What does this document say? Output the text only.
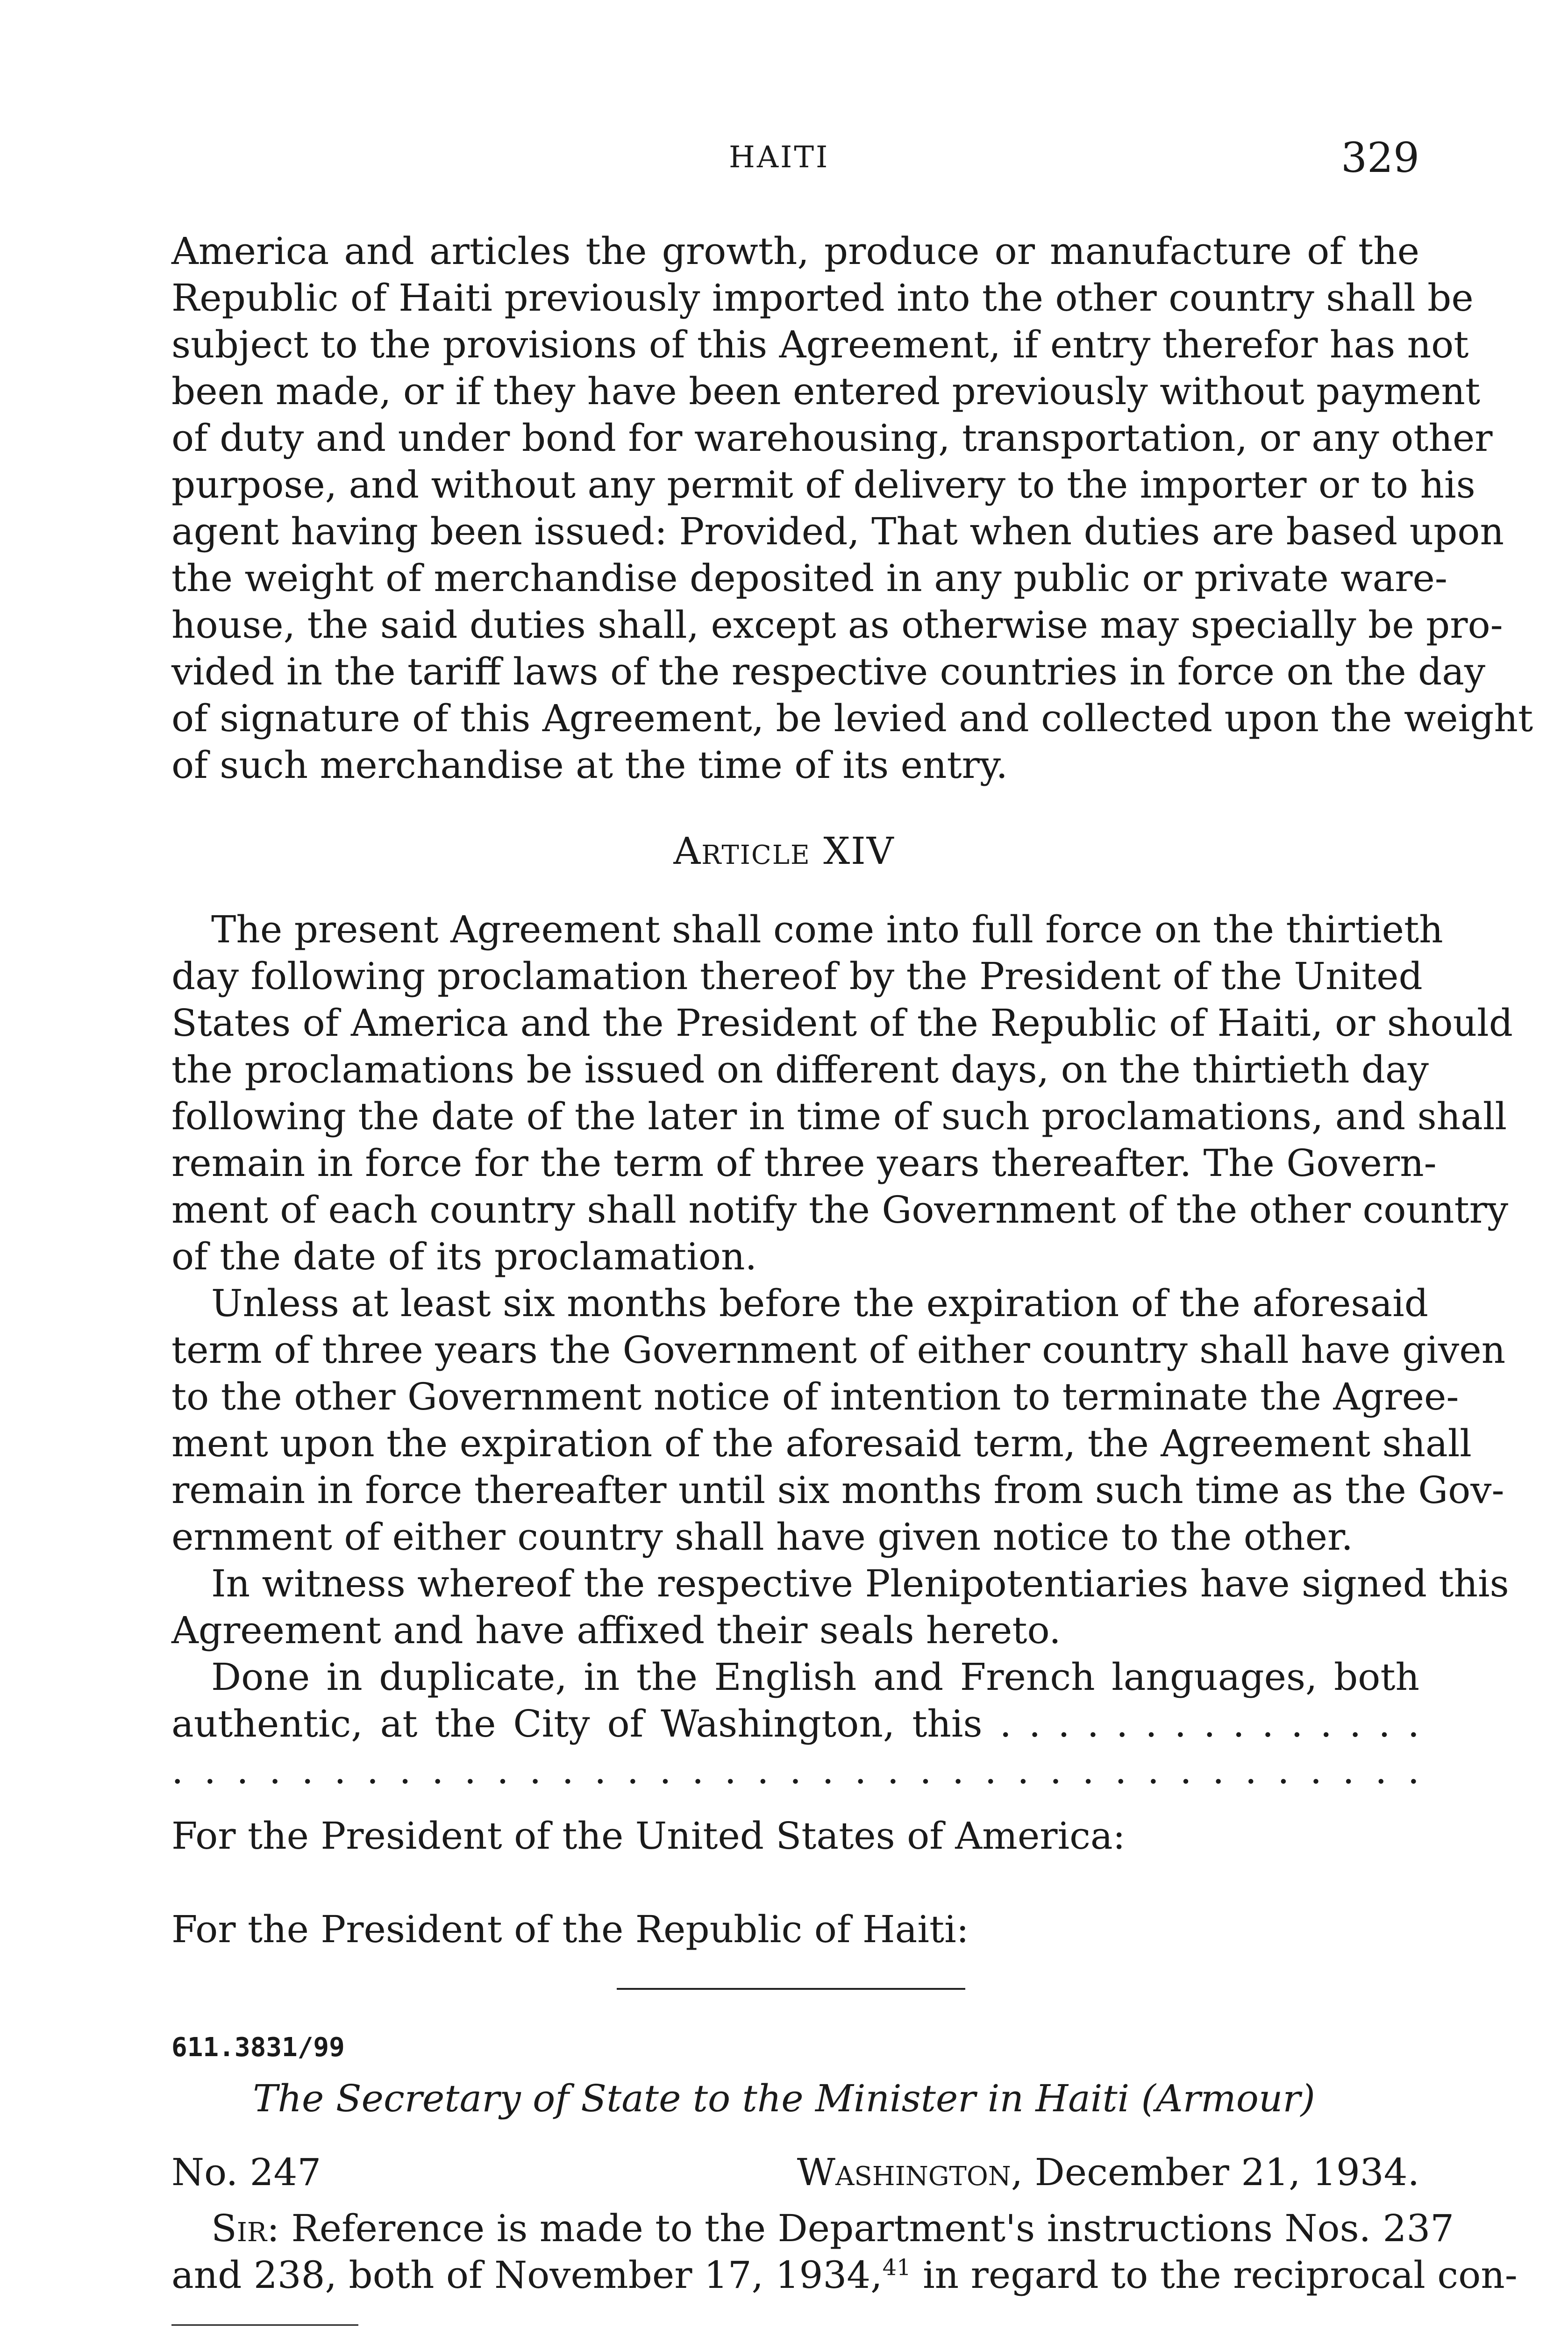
HAITI	329
America and articles the growth, produce or manufacture of the
Republic of Haiti previously imported into the other country shall be
subject to the provisions of this Agreement, if entry therefor has not
been made, or if they have been entered previously without payment
of duty and under bond for warehousing, transportation, or any other
purpose, and without any permit of delivery to the importer or to his
agent having been issued: Provided, That when duties are based upon
the weight of merchandise deposited in any public or private ware-
house, the said duties shall, except as otherwise may specially be pro-
vided in the tariff laws of the respective countries in force on the day
of signature of this Agreement, be levied and collected upon the weight
of such merchandise at the time of its entry.
Article XIV
The present Agreement shall come into full force on the thirtieth
day following proclamation thereof by the President of the United
States of America and the President of the Republic of Haiti, or should
the proclamations be issued on different days, on the thirtieth day
following the date of the later in time of such proclamations, and shall
remain in force for the term of three years thereafter. The Govern-
ment of each country shall notify the Government of the other country
of the date of its proclamation.
Unless at least six months before the expiration of the aforesaid
term of three years the Government of either country shall have given
to the other Government notice of intention to terminate the Agree-
ment upon the expiration of the aforesaid term, the Agreement shall
remain in force thereafter until six months from such time as the Gov-
ernment of either country shall have given notice to the other.
In witness whereof the respective Plenipotentiaries have signed this
Agreement and have affixed their seals hereto.
Done in duplicate, in the English and French languages, both
authentic, at the City of Washington, this . . . . . . . . . . . . . . .
. . . . . . . . . . . . . . . . . . . . . . . . . . . . . . . . . . . . . . .
For the President of the United States of America:
For the President of the Republic of Haiti:
611.3831/99
The Secretary of State to the Minister in Haiti (Armour)
No. 247	Washington, December 21, 1934.
Sir: Reference is made to the Department's instructions Nos. 237
and 238, both of November 17, 1934,41 in regard to the reciprocal con-
